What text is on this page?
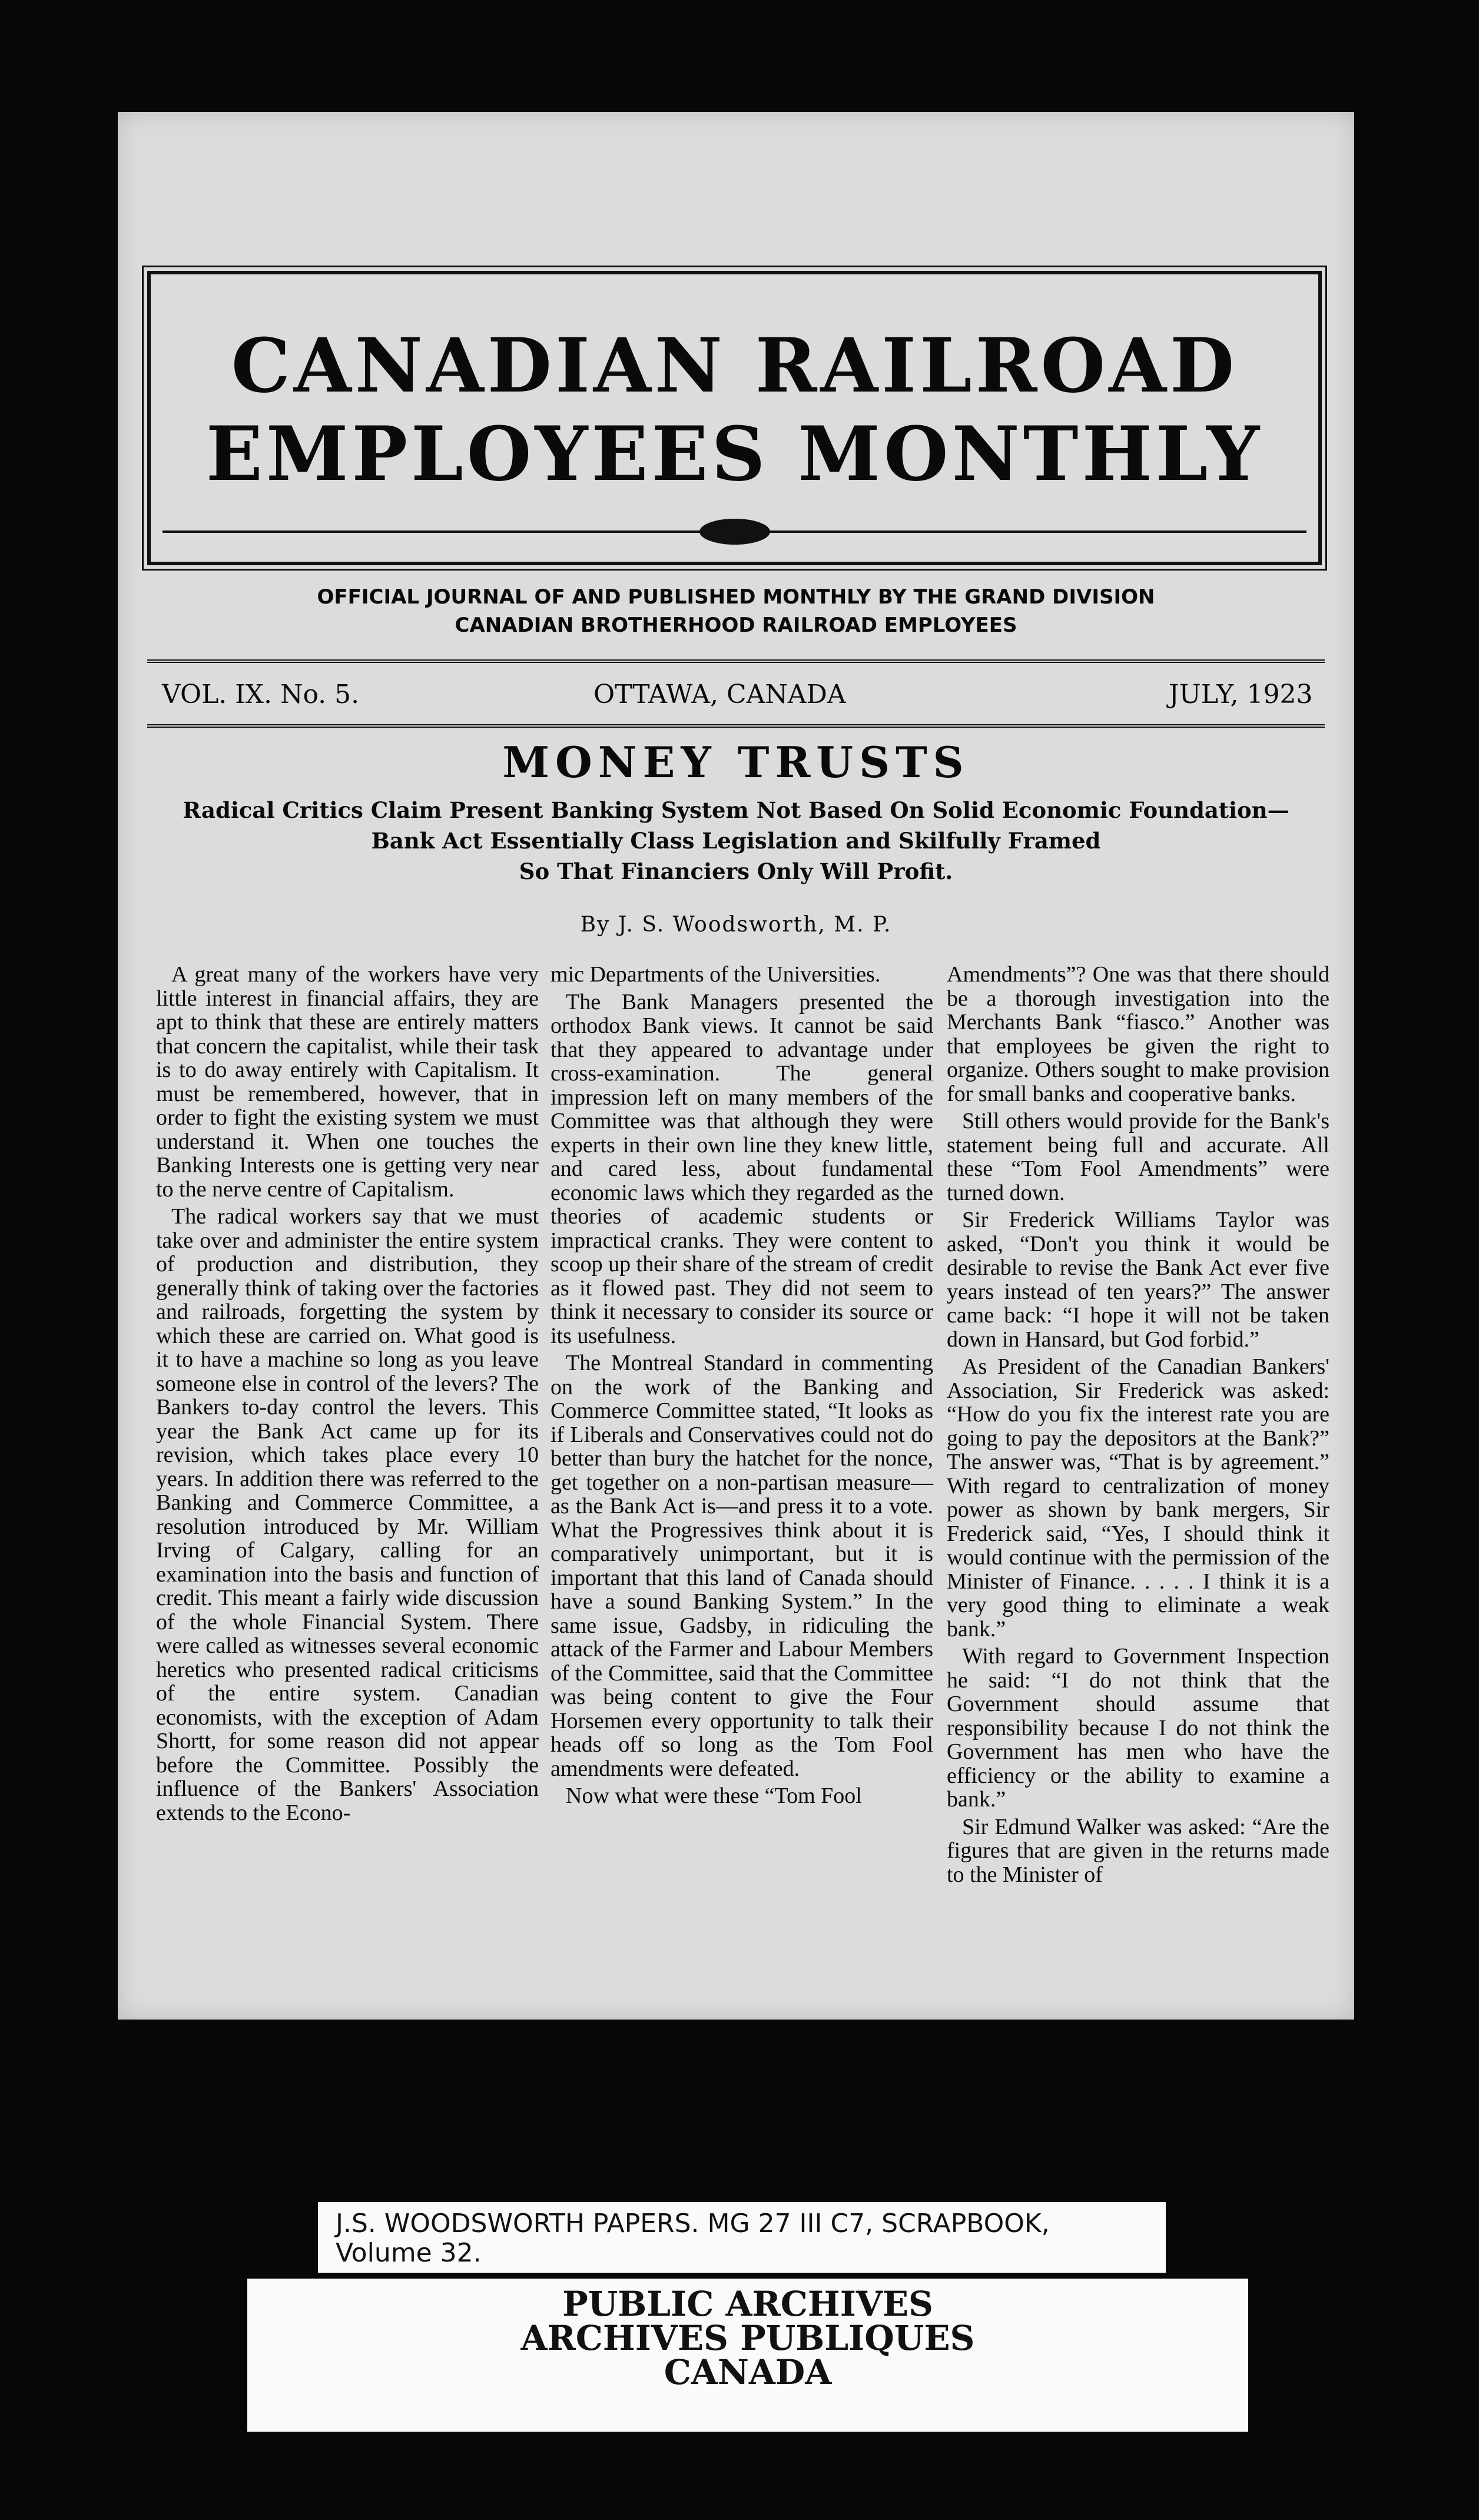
CANADIAN RAILROAD
EMPLOYEES MONTHLY
OFFICIAL JOURNAL OF AND PUBLISHED MONTHLY BY THE GRAND DIVISION
CANADIAN BROTHERHOOD RAILROAD EMPLOYEES
VOL. IX. No. 5.	OTTAWA, CANADA	JULY, 1923
MONEY TRUSTS
Radical Critics Claim Present Banking System Not Based On Solid Economic Foundation—
Bank Act Essentially Class Legislation and Skilfully Framed
So That Financiers Only Will Profit.
By J. S. Woodsworth, M. P.

A great many of the workers have very little interest in financial affairs, they are apt to think that these are entirely matters that concern the capitalist, while their task is to do away entirely with Capitalism. It must be remembered, however, that in order to fight the existing system we must understand it. When one touches the Banking Interests one is getting very near to the nerve centre of Capitalism.

The radical workers say that we must take over and administer the entire system of production and distribution, they generally think of taking over the factories and railroads, forgetting the system by which these are carried on. What good is it to have a machine so long as you leave someone else in control of the levers? The Bankers to-day control the levers. This year the Bank Act came up for its revision, which takes place every 10 years. In addition there was referred to the Banking and Commerce Committee, a resolution introduced by Mr. William Irving of Calgary, calling for an examination into the basis and function of credit. This meant a fairly wide discussion of the whole Financial System. There were called as witnesses several economic heretics who presented radical criticisms of the entire system. Canadian economists, with the exception of Adam Shortt, for some reason did not appear before the Committee. Possibly the influence of the Bankers' Association extends to the Econo-

mic Departments of the Universities.

The Bank Managers presented the orthodox Bank views. It cannot be said that they appeared to advantage under cross-examination. The general impression left on many members of the Committee was that although they were experts in their own line they knew little, and cared less, about fundamental economic laws which they regarded as the theories of academic students or impractical cranks. They were content to scoop up their share of the stream of credit as it flowed past. They did not seem to think it necessary to consider its source or its usefulness.

The Montreal Standard in commenting on the work of the Banking and Commerce Committee stated, “It looks as if Liberals and Conservatives could not do better than bury the hatchet for the nonce, get together on a non-partisan measure—as the Bank Act is—and press it to a vote. What the Progressives think about it is comparatively unimportant, but it is important that this land of Canada should have a sound Banking System.” In the same issue, Gadsby, in ridiculing the attack of the Farmer and Labour Members of the Committee, said that the Committee was being content to give the Four Horsemen every opportunity to talk their heads off so long as the Tom Fool amendments were defeated.

Now what were these “Tom Fool

Amendments”? One was that there should be a thorough investigation into the Merchants Bank “fiasco.” Another was that employees be given the right to organize. Others sought to make provision for small banks and cooperative banks.

Still others would provide for the Bank's statement being full and accurate. All these “Tom Fool Amendments” were turned down.

Sir Frederick Williams Taylor was asked, “Don't you think it would be desirable to revise the Bank Act ever five years instead of ten years?” The answer came back: “I hope it will not be taken down in Hansard, but God forbid.”

As President of the Canadian Bankers' Association, Sir Frederick was asked: “How do you fix the interest rate you are going to pay the depositors at the Bank?” The answer was, “That is by agreement.” With regard to centralization of money power as shown by bank mergers, Sir Frederick said, “Yes, I should think it would continue with the permission of the Minister of Finance. . . . . I think it is a very good thing to eliminate a weak bank.”

With regard to Government Inspection he said: “I do not think that the Government should assume that responsibility because I do not think the Government has men who have the efficiency or the ability to examine a bank.”

Sir Edmund Walker was asked: “Are the figures that are given in the returns made to the Minister of

J.S. WOODSWORTH PAPERS. MG 27 III C7, SCRAPBOOK,
Volume 32.
PUBLIC ARCHIVES
ARCHIVES PUBLIQUES
CANADA
